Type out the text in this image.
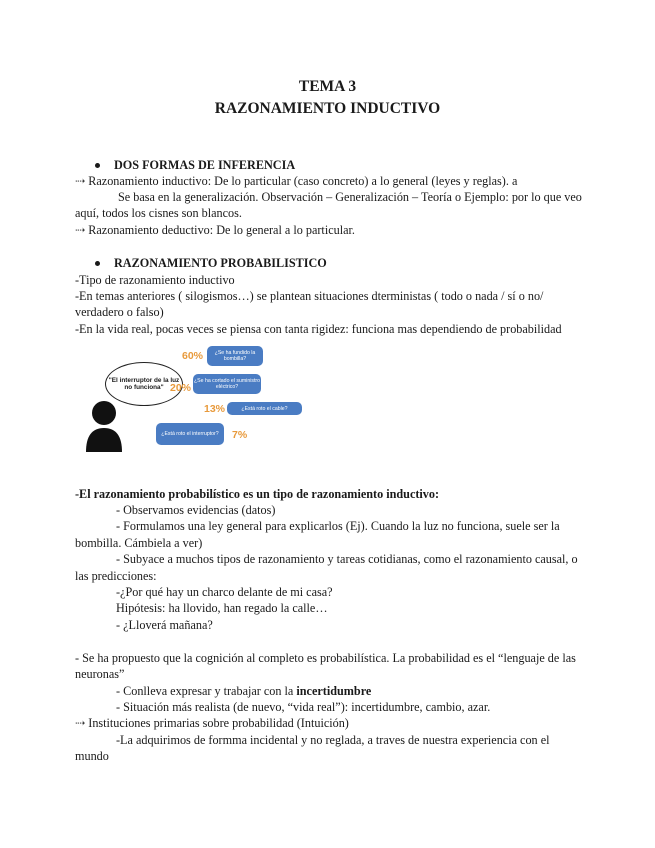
TEMA 3
RAZONAMIENTO INDUCTIVO
DOS FORMAS DE INFERENCIA
⇢ Razonamiento inductivo: De lo particular (caso concreto) a lo general (leyes y reglas). a
Se basa en la generalización. Observación – Generalización – Teoría o Ejemplo: por lo que veo
aquí, todos los cisnes son blancos.
⇢ Razonamiento deductivo: De lo general a lo particular.
RAZONAMIENTO PROBABILISTICO
-Tipo de razonamiento inductivo
-En temas anteriores ( silogismos…) se plantean situaciones dterministas ( todo o nada / sí o no/
verdadero o falso)
-En la vida real, pocas veces se piensa con tanta rigidez: funciona mas dependiendo de probabilidad
"El interruptor de la luz no funciona"
60%	¿Se ha fundido la bombilla?
20%
¿Se ha cortado el suministro eléctrico?
13%	¿Está roto el cable?
¿Está roto el interruptor?	7%
-El razonamiento probabilístico es un tipo de razonamiento inductivo:
- Observamos evidencias (datos)
- Formulamos una ley general para explicarlos (Ej). Cuando la luz no funciona, suele ser la
bombilla. Cámbiela a ver)
- Subyace a muchos tipos de razonamiento y tareas cotidianas, como el razonamiento causal, o
las predicciones:
-¿Por qué hay un charco delante de mi casa?
Hipótesis: ha llovido, han regado la calle…
- ¿Lloverá mañana?
- Se ha propuesto que la cognición al completo es probabilística. La probabilidad es el “lenguaje de las
neuronas”
- Conlleva expresar y trabajar con la incertidumbre
- Situación más realista (de nuevo, “vida real”): incertidumbre, cambio, azar.
⇢ Instituciones primarias sobre probabilidad (Intuición)
-La adquirimos de formma incidental y no reglada, a traves de nuestra experiencia con el
mundo
